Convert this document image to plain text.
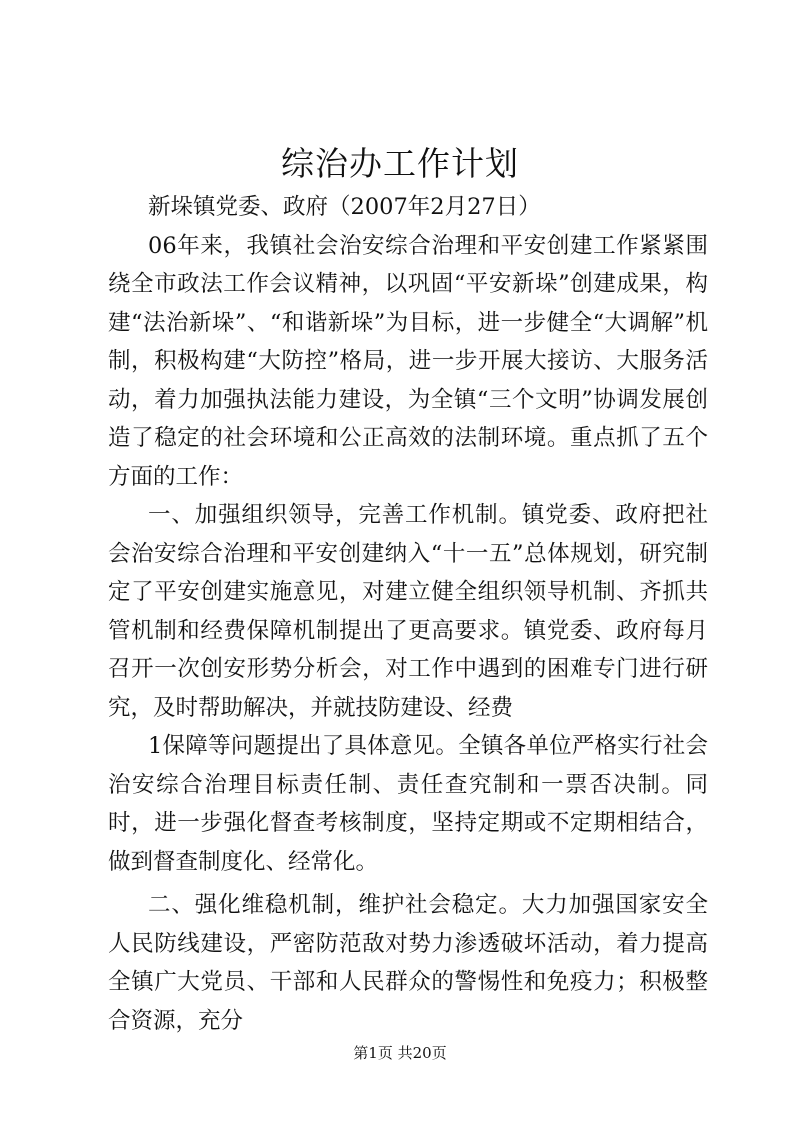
综治办工作计划

新垛镇党委、政府（2007年2月27日）

06年来，我镇社会治安综合治理和平安创建工作紧紧围绕全市政法工作会议精神，以巩固“平安新垛”创建成果，构建“法治新垛”、“和谐新垛”为目标，进一步健全“大调解”机制，积极构建“大防控”格局，进一步开展大接访、大服务活动，着力加强执法能力建设，为全镇“三个文明”协调发展创造了稳定的社会环境和公正高效的法制环境。重点抓了五个方面的工作：

一、加强组织领导，完善工作机制。镇党委、政府把社会治安综合治理和平安创建纳入“十一五”总体规划，研究制定了平安创建实施意见，对建立健全组织领导机制、齐抓共管机制和经费保障机制提出了更高要求。镇党委、政府每月召开一次创安形势分析会，对工作中遇到的困难专门进行研究，及时帮助解决，并就技防建设、经费

1保障等问题提出了具体意见。全镇各单位严格实行社会治安综合治理目标责任制、责任查究制和一票否决制。同时，进一步强化督查考核制度，坚持定期或不定期相结合，做到督查制度化、经常化。

二、强化维稳机制，维护社会稳定。大力加强国家安全人民防线建设，严密防范敌对势力渗透破坏活动，着力提高全镇广大党员、干部和人民群众的警惕性和免疫力；积极整合资源，充分

第1页 共20页
